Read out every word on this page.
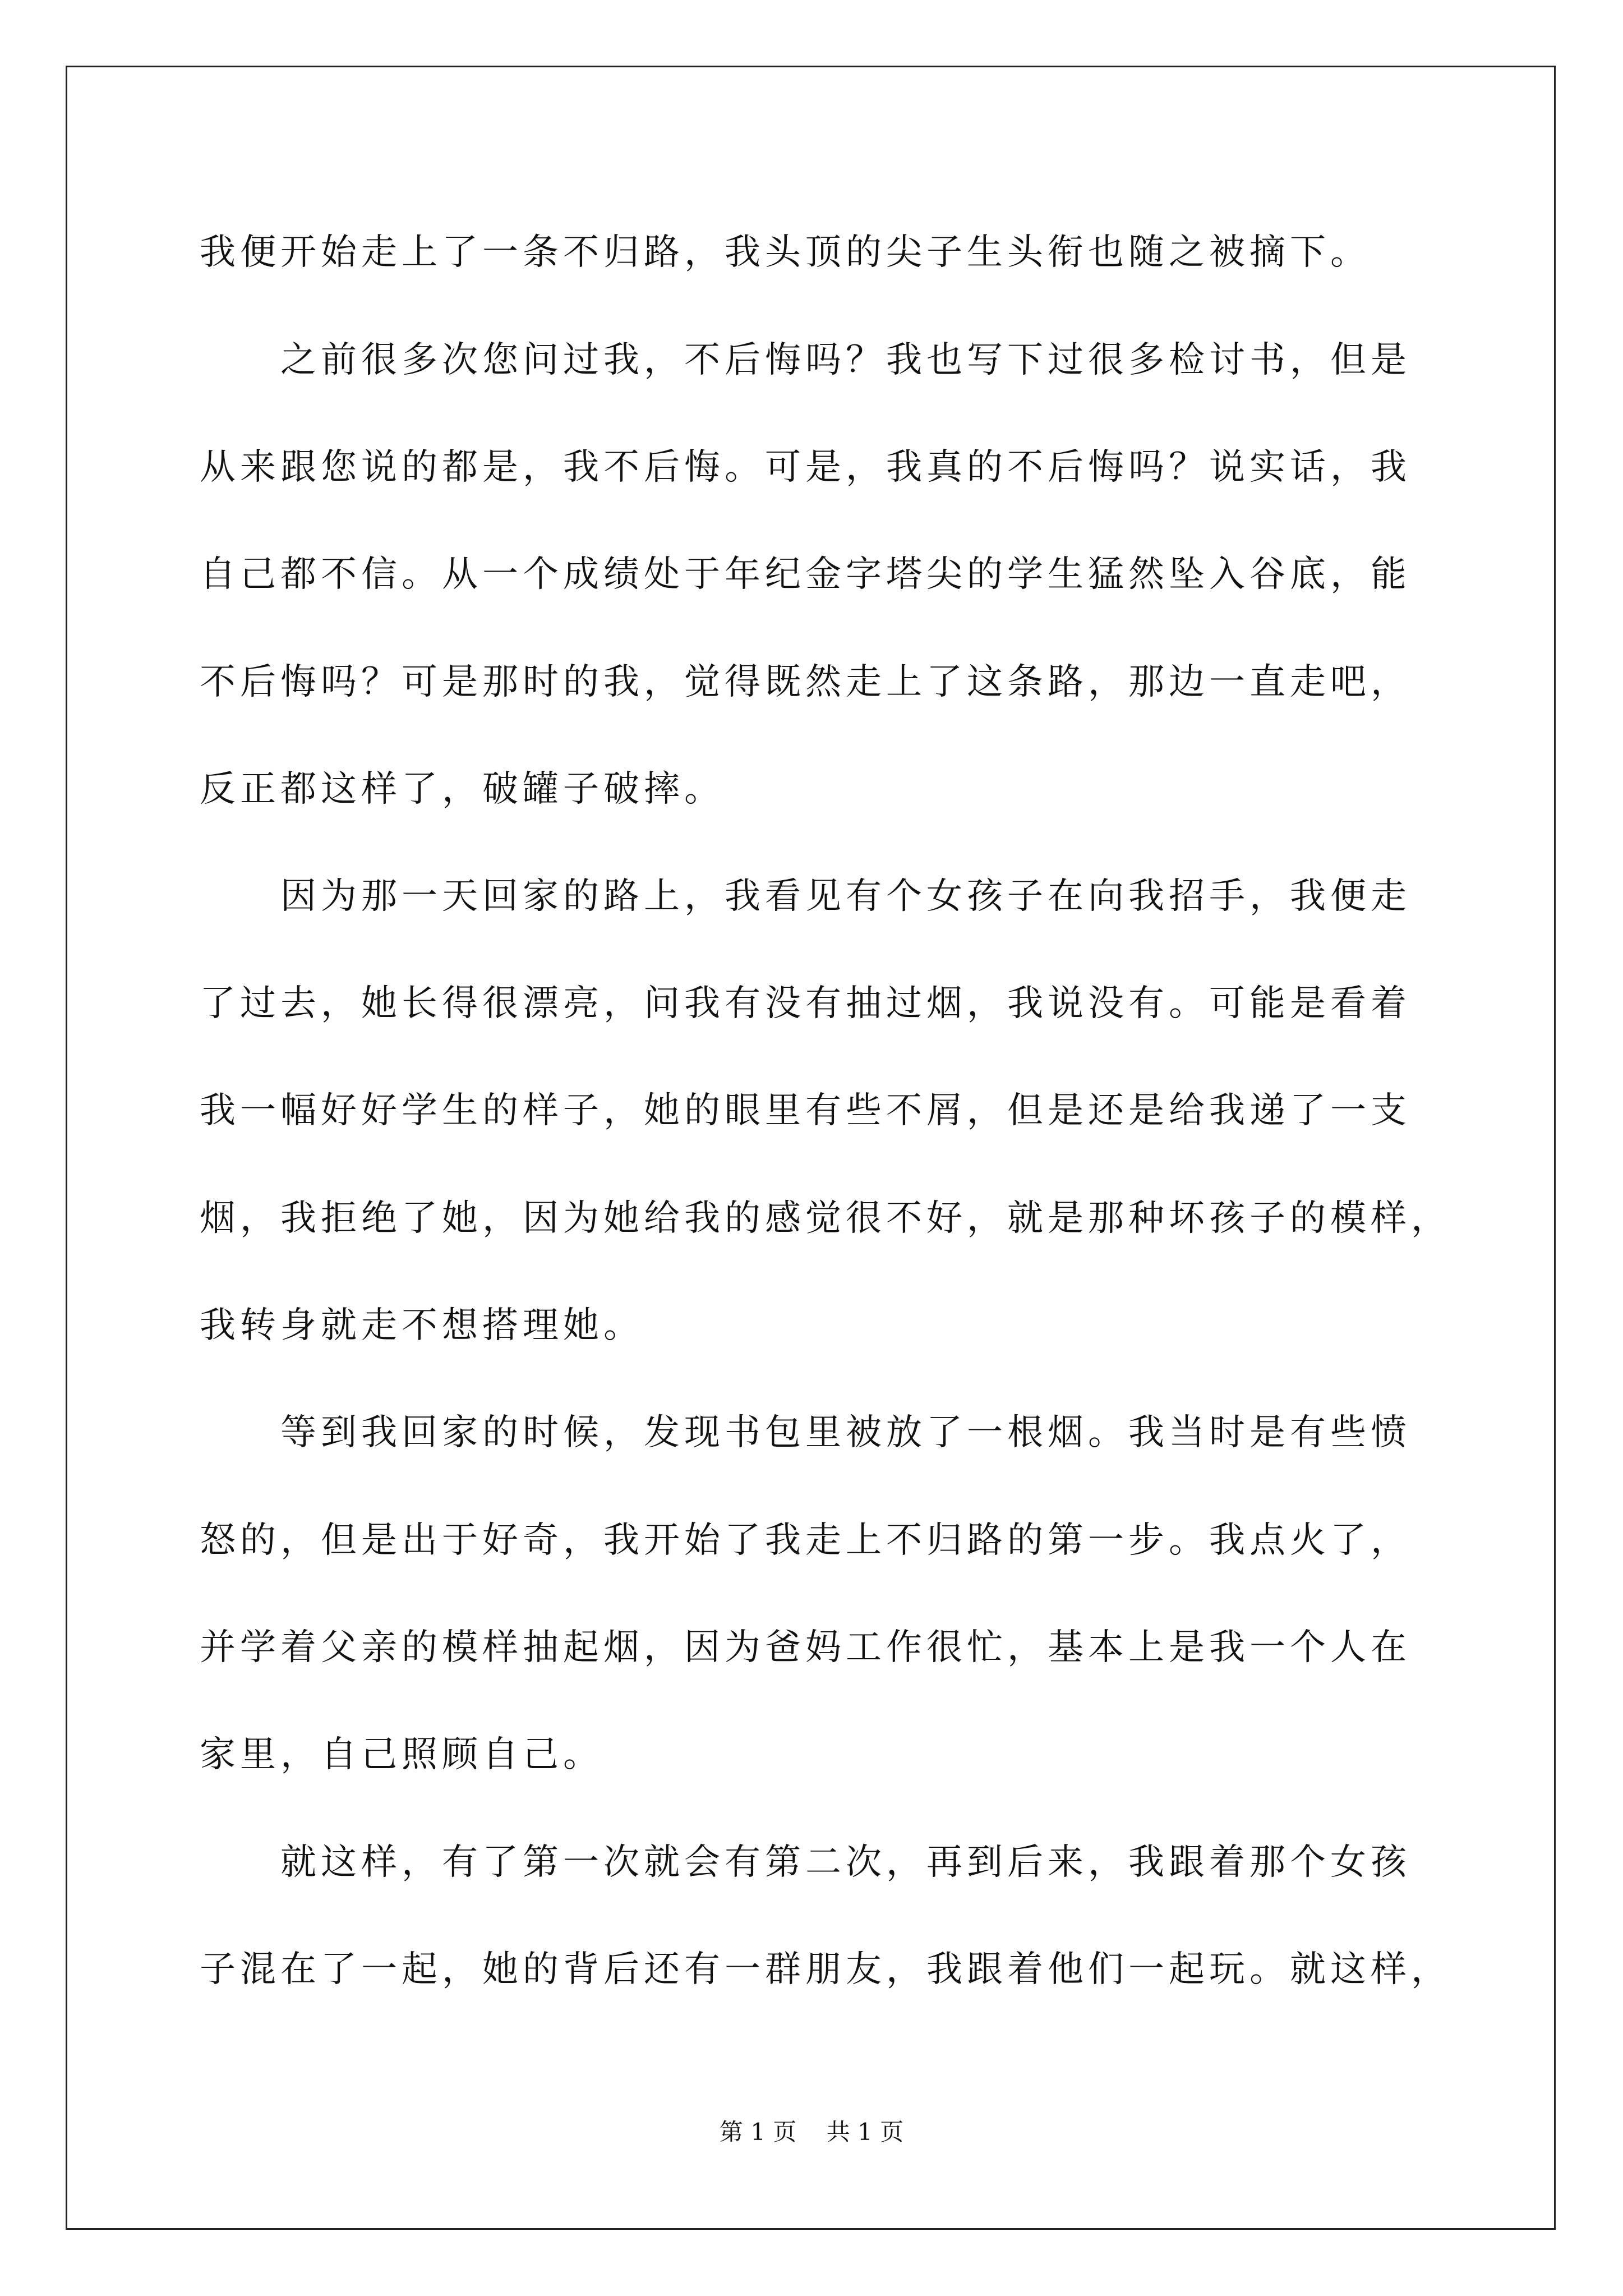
我便开始走上了一条不归路，我头顶的尖子生头衔也随之被摘下。
之前很多次您问过我，不后悔吗？我也写下过很多检讨书，但是
从来跟您说的都是，我不后悔。可是，我真的不后悔吗？说实话，我
自己都不信。从一个成绩处于年纪金字塔尖的学生猛然坠入谷底，能
不后悔吗？可是那时的我，觉得既然走上了这条路，那边一直走吧，
反正都这样了，破罐子破摔。
因为那一天回家的路上，我看见有个女孩子在向我招手，我便走
了过去，她长得很漂亮，问我有没有抽过烟，我说没有。可能是看着
我一幅好好学生的样子，她的眼里有些不屑，但是还是给我递了一支
烟，我拒绝了她，因为她给我的感觉很不好，就是那种坏孩子的模样，
我转身就走不想搭理她。
等到我回家的时候，发现书包里被放了一根烟。我当时是有些愤
怒的，但是出于好奇，我开始了我走上不归路的第一步。我点火了，
并学着父亲的模样抽起烟，因为爸妈工作很忙，基本上是我一个人在
家里，自己照顾自己。
就这样，有了第一次就会有第二次，再到后来，我跟着那个女孩
子混在了一起，她的背后还有一群朋友，我跟着他们一起玩。就这样，
第 1 页    共 1 页
